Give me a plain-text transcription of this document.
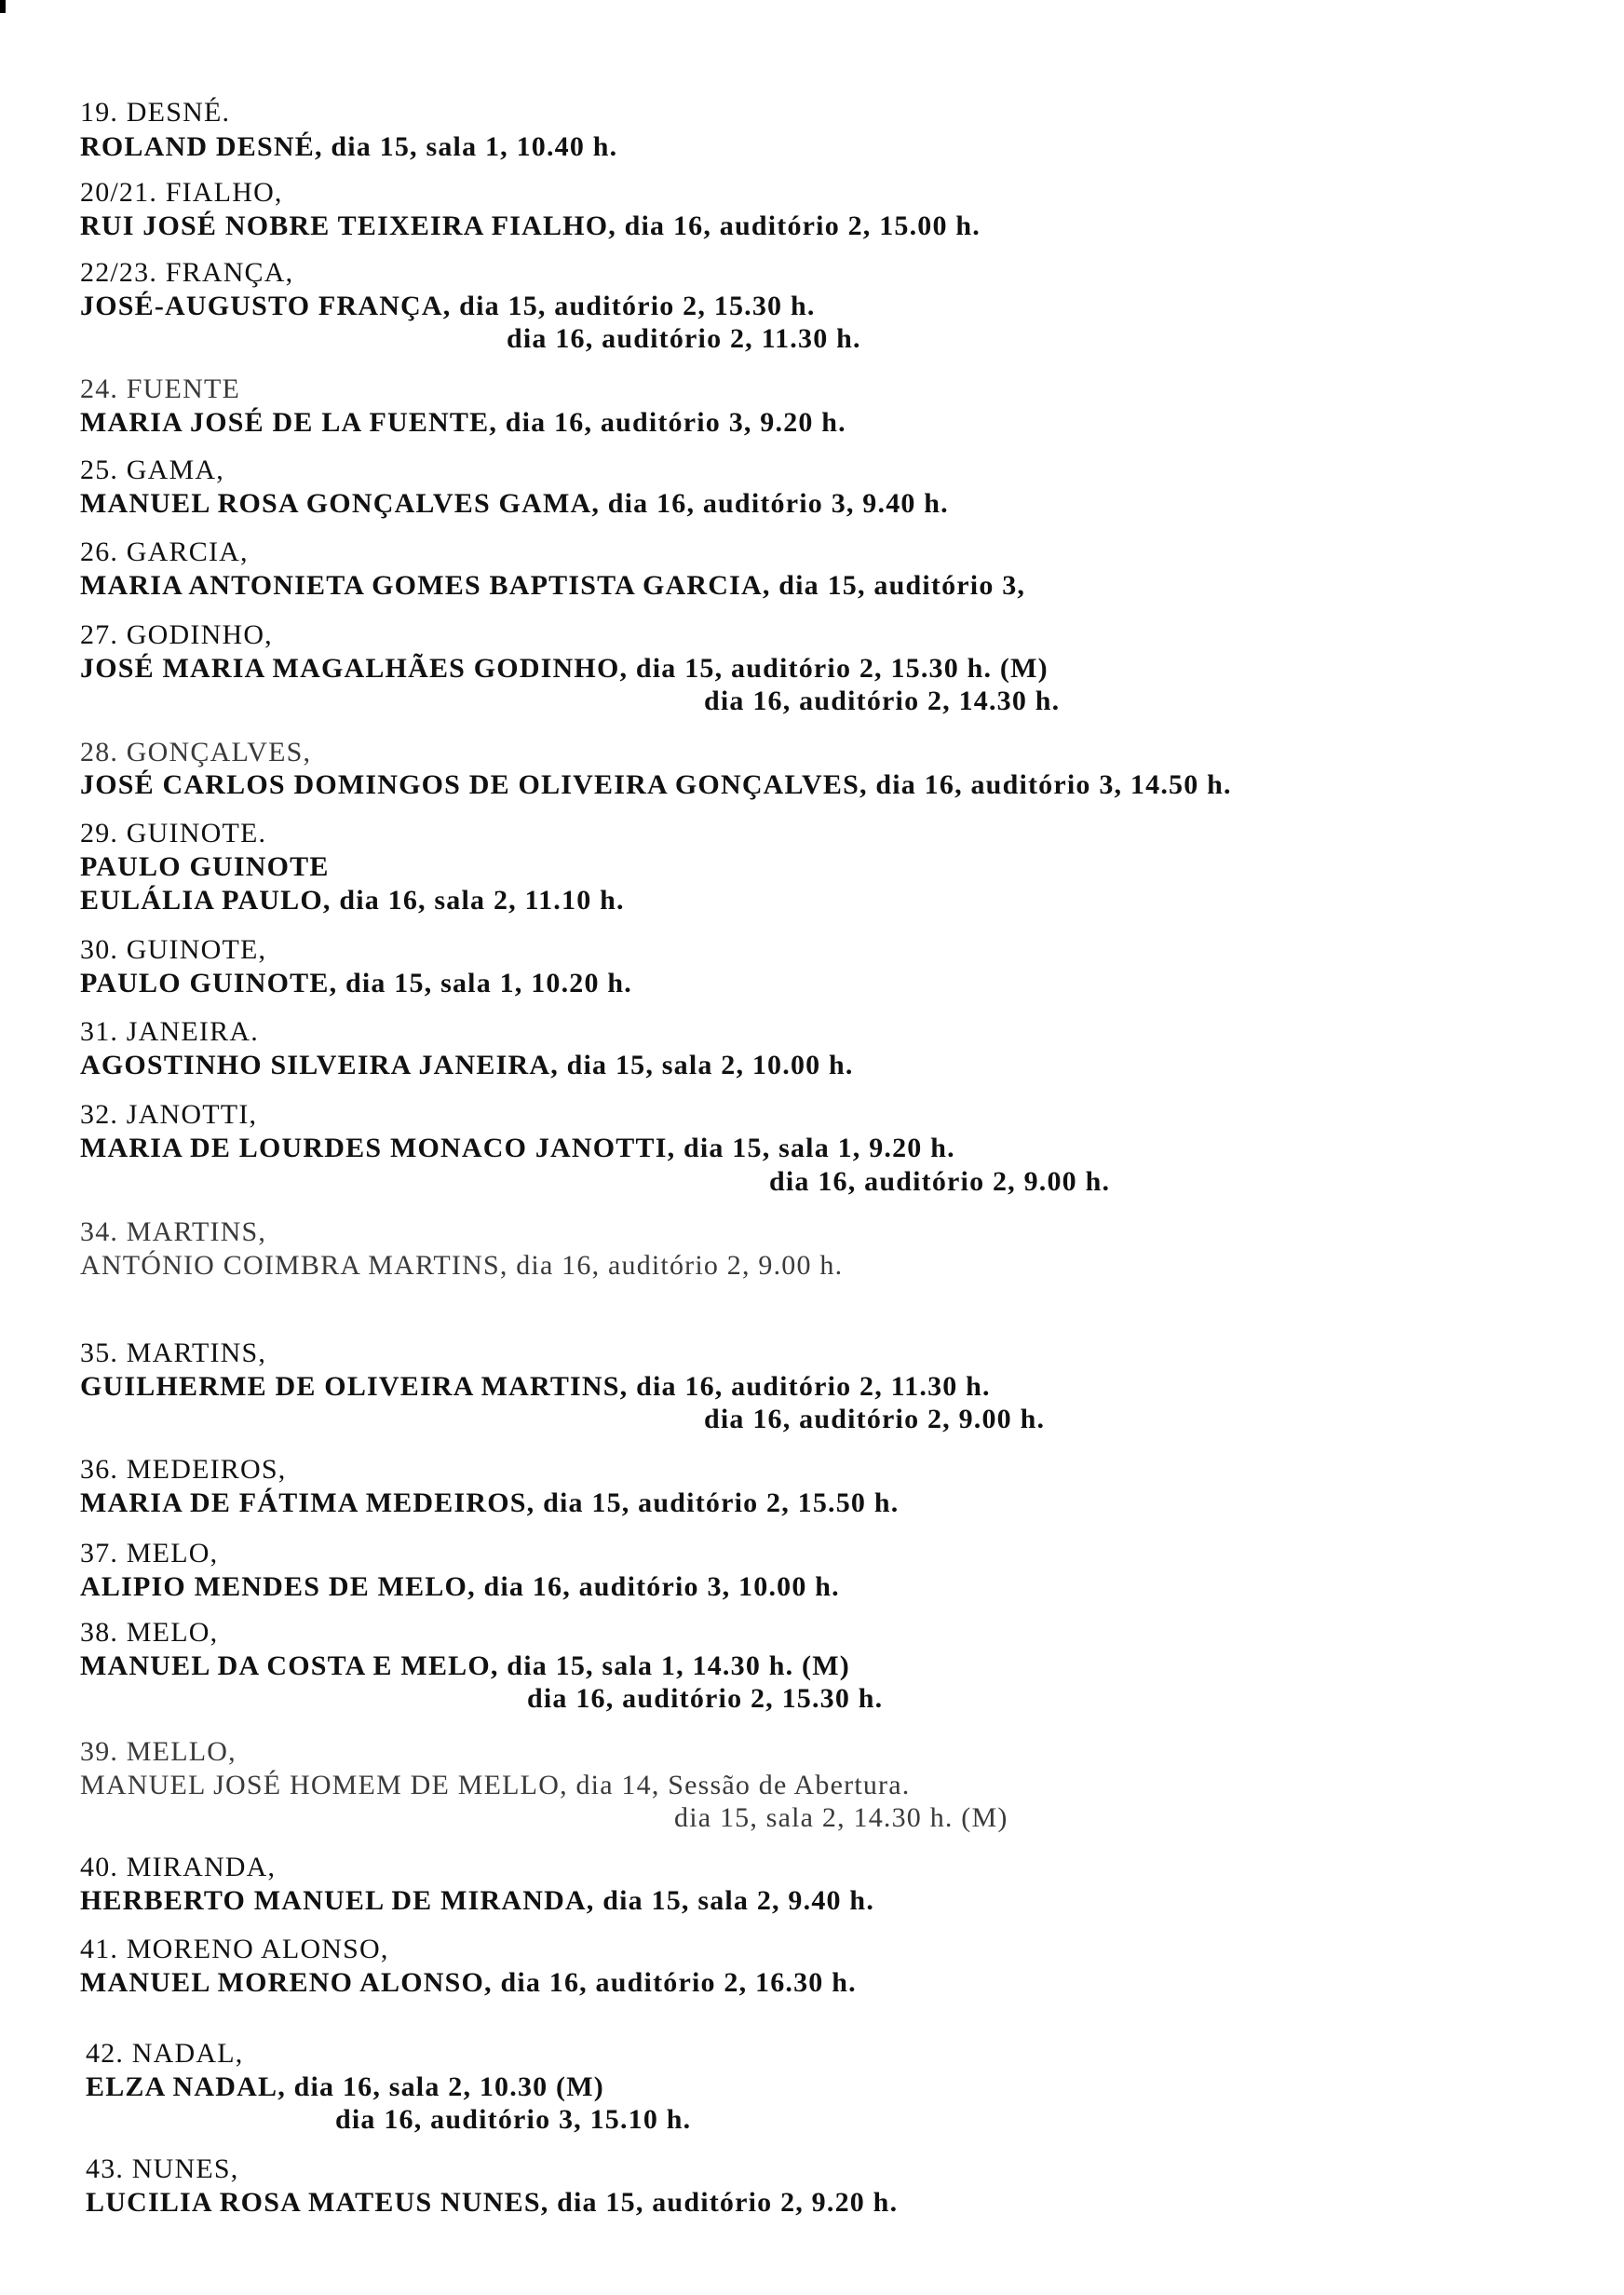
19. DESNÉ.
ROLAND DESNÉ, dia 15, sala 1, 10.40 h.
20/21. FIALHO,
RUI JOSÉ NOBRE TEIXEIRA FIALHO, dia 16, auditório 2, 15.00 h.
22/23. FRANÇA,
JOSÉ-AUGUSTO FRANÇA, dia 15, auditório 2, 15.30 h.
dia 16, auditório 2, 11.30 h.
24. FUENTE
MARIA JOSÉ DE LA FUENTE, dia 16, auditório 3, 9.20 h.
25. GAMA,
MANUEL ROSA GONÇALVES GAMA, dia 16, auditório 3, 9.40 h.
26. GARCIA,
MARIA ANTONIETA GOMES BAPTISTA GARCIA, dia 15, auditório 3,
27. GODINHO,
JOSÉ MARIA MAGALHÃES GODINHO, dia 15, auditório 2, 15.30 h. (M)
dia 16, auditório 2, 14.30 h.
28. GONÇALVES,
JOSÉ CARLOS DOMINGOS DE OLIVEIRA GONÇALVES, dia 16, auditório 3, 14.50 h.
29. GUINOTE.
PAULO GUINOTE
EULÁLIA PAULO, dia 16, sala 2, 11.10 h.
30. GUINOTE,
PAULO GUINOTE, dia 15, sala 1, 10.20 h.
31. JANEIRA.
AGOSTINHO SILVEIRA JANEIRA, dia 15, sala 2, 10.00 h.
32. JANOTTI,
MARIA DE LOURDES MONACO JANOTTI, dia 15, sala 1, 9.20 h.
dia 16, auditório 2, 9.00 h.
34. MARTINS,
ANTÓNIO COIMBRA MARTINS, dia 16, auditório 2, 9.00 h.
35. MARTINS,
GUILHERME DE OLIVEIRA MARTINS, dia 16, auditório 2, 11.30 h.
dia 16, auditório 2, 9.00 h.
36. MEDEIROS,
MARIA DE FÁTIMA MEDEIROS, dia 15, auditório 2, 15.50 h.
37. MELO,
ALIPIO MENDES DE MELO, dia 16, auditório 3, 10.00 h.
38. MELO,
MANUEL DA COSTA E MELO, dia 15, sala 1, 14.30 h. (M)
dia 16, auditório 2, 15.30 h.
39. MELLO,
MANUEL JOSÉ HOMEM DE MELLO, dia 14, Sessão de Abertura.
dia 15, sala 2, 14.30 h. (M)
40. MIRANDA,
HERBERTO MANUEL DE MIRANDA, dia 15, sala 2, 9.40 h.
41. MORENO ALONSO,
MANUEL MORENO ALONSO, dia 16, auditório 2, 16.30 h.
42. NADAL,
ELZA NADAL, dia 16, sala 2, 10.30 (M)
dia 16, auditório 3, 15.10 h.
43. NUNES,
LUCILIA ROSA MATEUS NUNES, dia 15, auditório 2, 9.20 h.
